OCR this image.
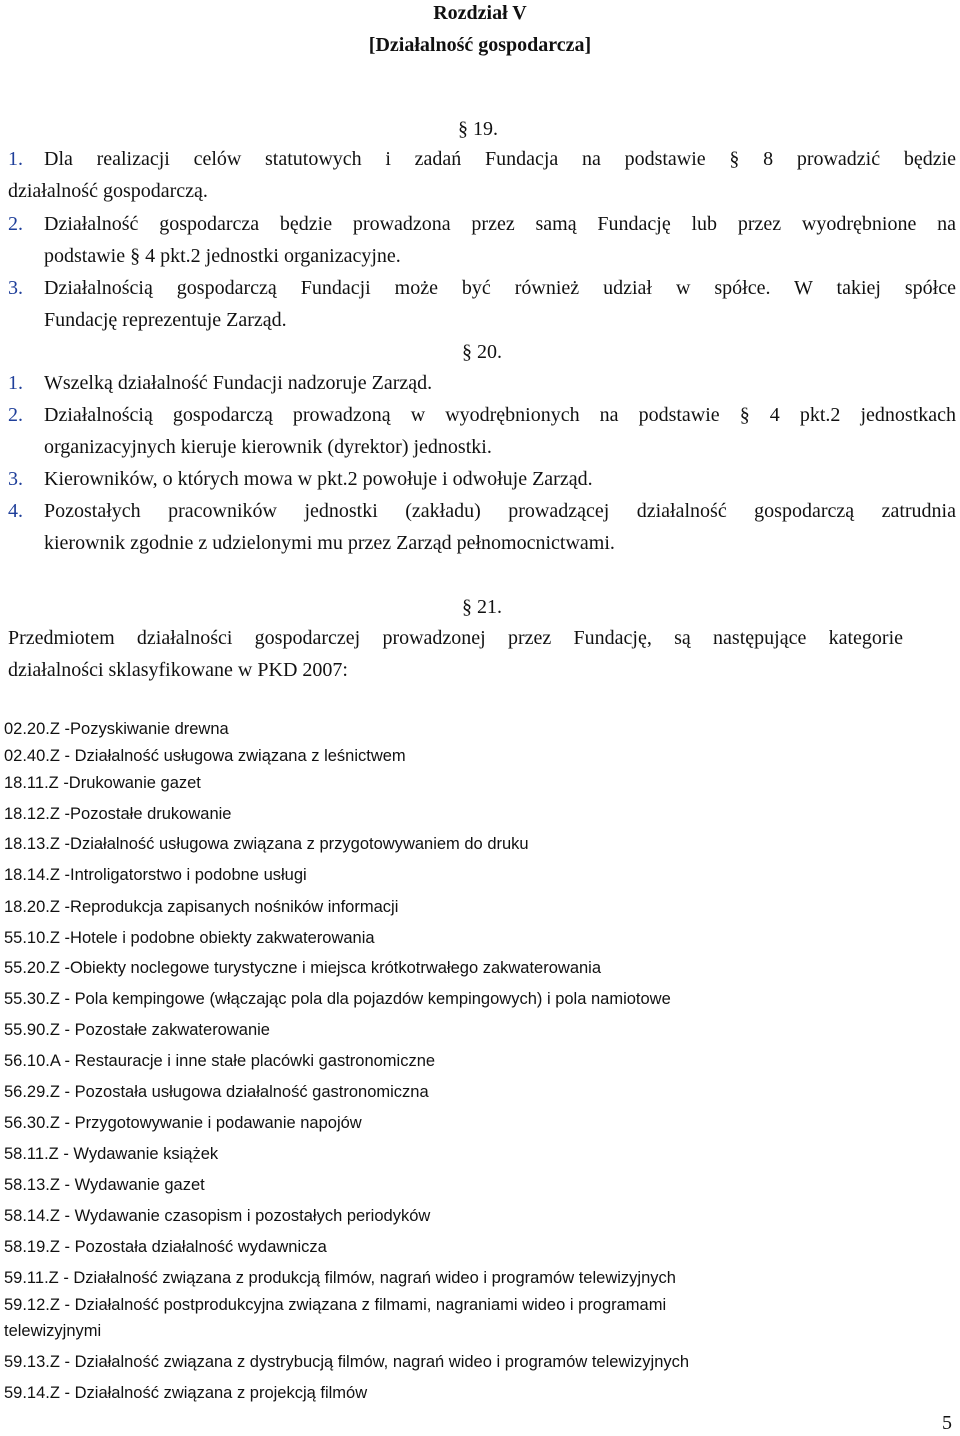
Rozdział V
[Działalność gospodarcza]
§ 19.
1. Dla realizacji celów statutowych i zadań Fundacja na podstawie § 8 prowadzić będzie
działalność gospodarczą.
2. Działalność gospodarcza będzie prowadzona przez samą Fundację lub przez wyodrębnione na
podstawie § 4 pkt.2 jednostki organizacyjne.
3. Działalnością gospodarczą Fundacji może być również udział w spółce. W takiej spółce
Fundację reprezentuje Zarząd.
§ 20.
1. Wszelką działalność Fundacji nadzoruje Zarząd.
2. Działalnością gospodarczą prowadzoną w wyodrębnionych na podstawie § 4 pkt.2 jednostkach
organizacyjnych kieruje kierownik (dyrektor) jednostki.
3. Kierowników, o których mowa w pkt.2 powołuje i odwołuje Zarząd.
4. Pozostałych pracowników jednostki (zakładu) prowadzącej działalność gospodarczą zatrudnia
kierownik zgodnie z udzielonymi mu przez Zarząd pełnomocnictwami.
§ 21.
Przedmiotem działalności gospodarczej prowadzonej przez Fundację, są następujące kategorie
działalności sklasyfikowane w PKD 2007:
02.20.Z -Pozyskiwanie drewna
02.40.Z - Działalność usługowa związana z leśnictwem
18.11.Z -Drukowanie gazet
18.12.Z -Pozostałe drukowanie
18.13.Z -Działalność usługowa związana z przygotowywaniem do druku
18.14.Z -Introligatorstwo i podobne usługi
18.20.Z -Reprodukcja zapisanych nośników informacji
55.10.Z -Hotele i podobne obiekty zakwaterowania
55.20.Z -Obiekty noclegowe turystyczne i miejsca krótkotrwałego zakwaterowania
55.30.Z - Pola kempingowe (włączając pola dla pojazdów kempingowych) i pola namiotowe
55.90.Z - Pozostałe zakwaterowanie
56.10.A - Restauracje i inne stałe placówki gastronomiczne
56.29.Z - Pozostała usługowa działalność gastronomiczna
56.30.Z - Przygotowywanie i podawanie napojów
58.11.Z - Wydawanie książek
58.13.Z - Wydawanie gazet
58.14.Z - Wydawanie czasopism i pozostałych periodyków
58.19.Z - Pozostała działalność wydawnicza
59.11.Z - Działalność związana z produkcją filmów, nagrań wideo i programów telewizyjnych
59.12.Z - Działalność postprodukcyjna związana z filmami, nagraniami wideo i programami
telewizyjnymi
59.13.Z - Działalność związana z dystrybucją filmów, nagrań wideo i programów telewizyjnych
59.14.Z - Działalność związana z projekcją filmów
5
